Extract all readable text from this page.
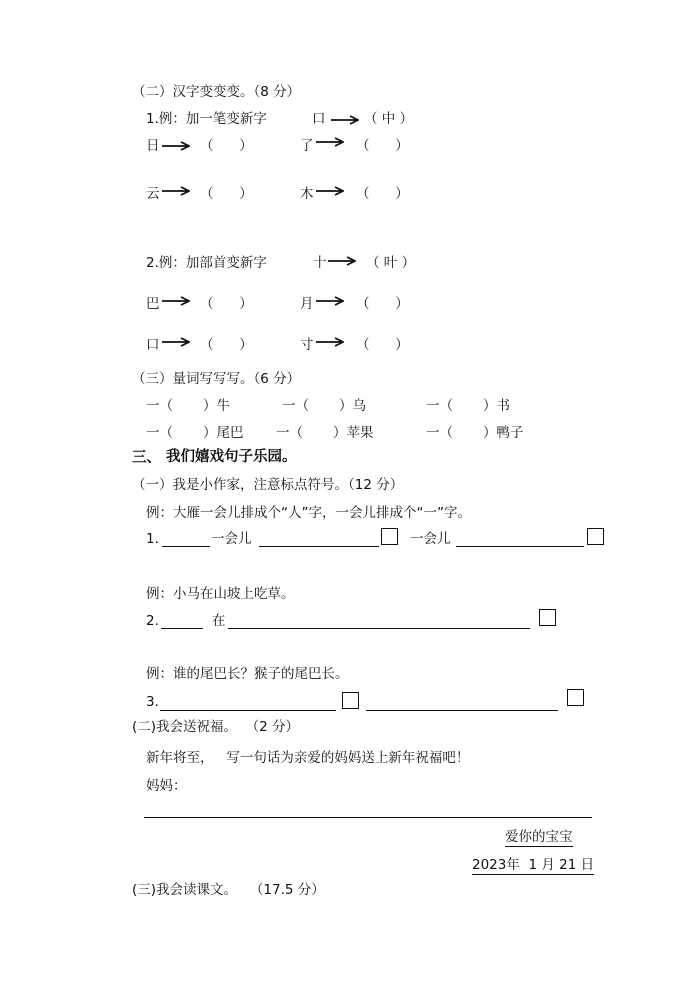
（二）汉字变变变。（8 分）
1.例：加一笔变新字	口	（ 中 ）
日	（      ）	了	（      ）
云	（      ）	木	（      ）
2.例：加部首变新字	十	（ 叶 ）
巴	（      ）	月	（      ）
口	（      ）	寸	（      ）
（三）量词写写写。（6 分）
一（       ）牛	一（       ）乌	一（       ）书
一（       ）尾巴 一（       ）苹果	一（       ）鸭子
三、 我们嬉戏句子乐园。
（一）我是小作家，注意标点符号。（12 分）
例：大雁一会儿排成个“人”字，一会儿排成个“一”字。
1.	一会儿	一会儿
例：小马在山坡上吃草。
2.	在
例：谁的尾巴长？猴子的尾巴长。
3.
(二)我会送祝福。  （2 分）
新年将至，   写一句话为亲爱的妈妈送上新年祝福吧！
妈妈：
爱你的宝宝
2023年  1 月 21 日
(三)我会读课文。   （17.5 分）
